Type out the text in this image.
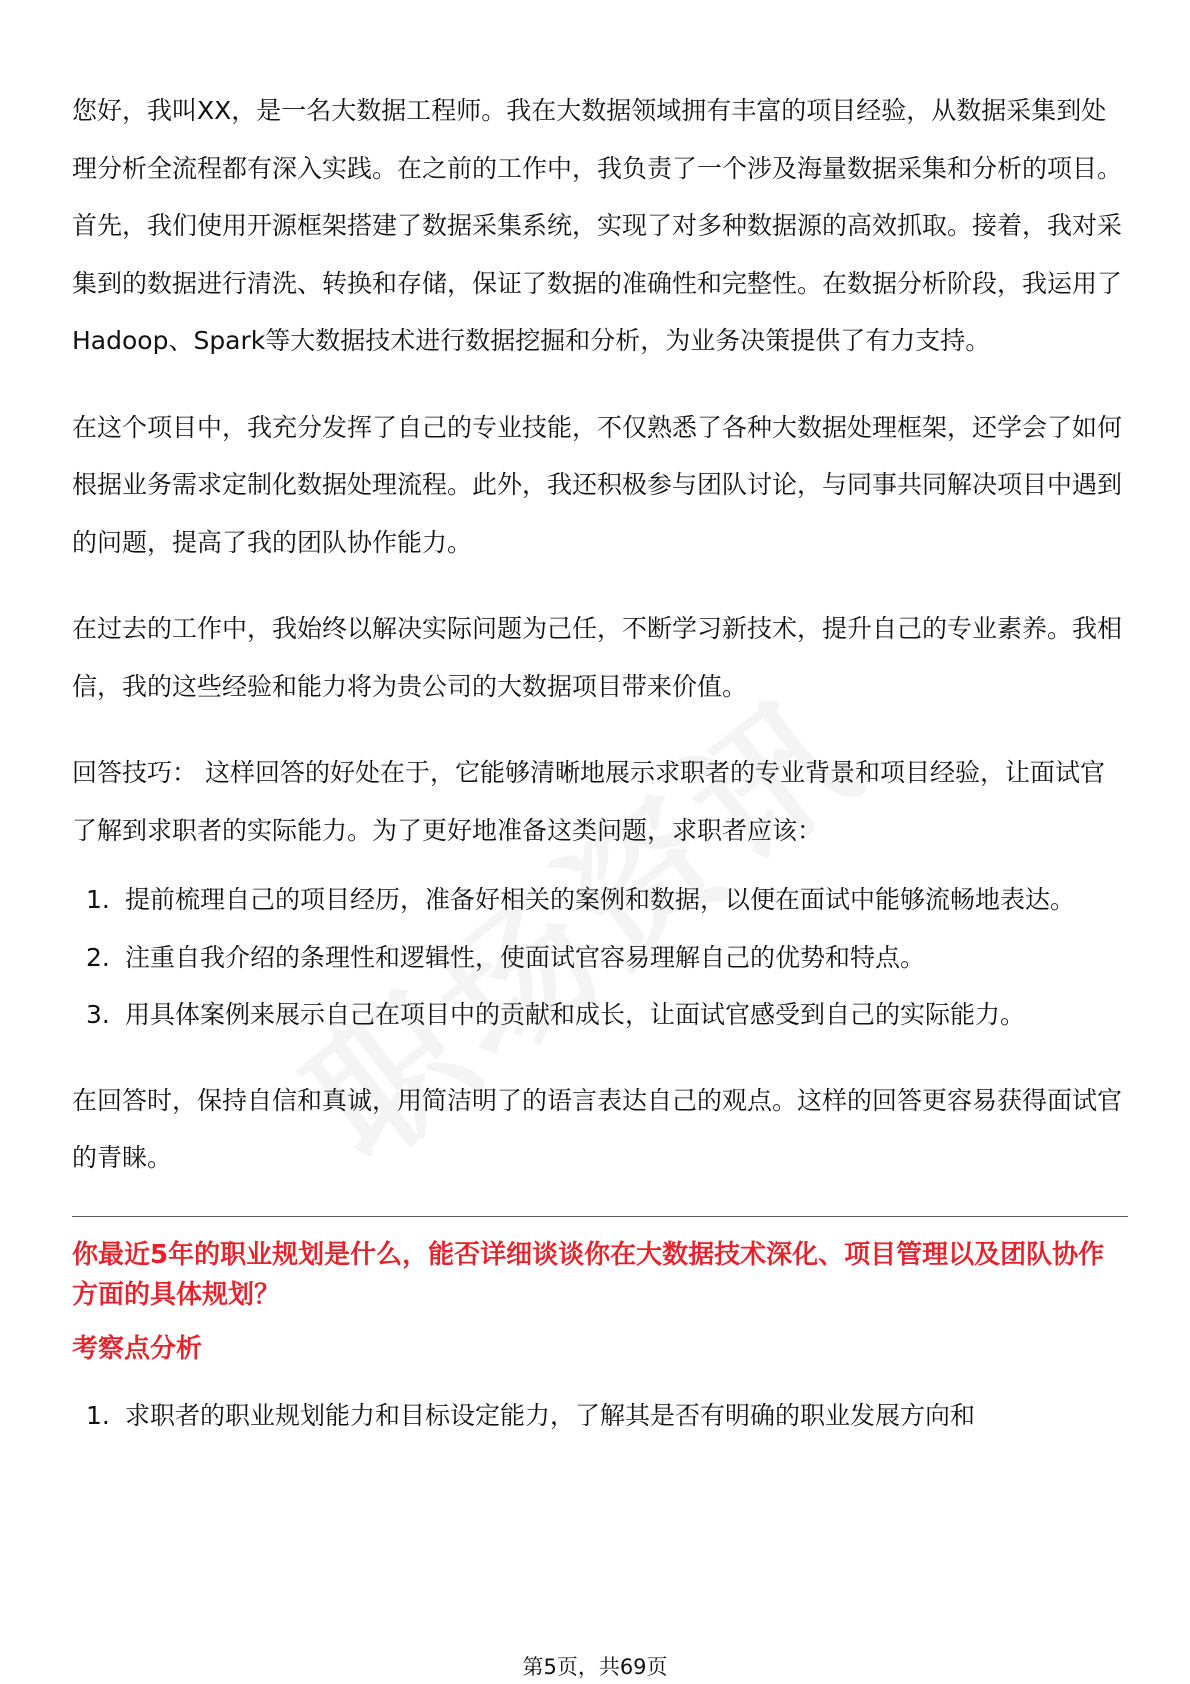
您好，我叫XX，是一名大数据工程师。我在大数据领域拥有丰富的项目经验，从数据采集到处理分析全流程都有深入实践。在之前的工作中，我负责了一个涉及海量数据采集和分析的项目。首先，我们使用开源框架搭建了数据采集系统，实现了对多种数据源的高效抓取。接着，我对采集到的数据进行清洗、转换和存储，保证了数据的准确性和完整性。在数据分析阶段，我运用了Hadoop、Spark等大数据技术进行数据挖掘和分析，为业务决策提供了有力支持。

在这个项目中，我充分发挥了自己的专业技能，不仅熟悉了各种大数据处理框架，还学会了如何根据业务需求定制化数据处理流程。此外，我还积极参与团队讨论，与同事共同解决项目中遇到的问题，提高了我的团队协作能力。

在过去的工作中，我始终以解决实际问题为己任，不断学习新技术，提升自己的专业素养。我相信，我的这些经验和能力将为贵公司的大数据项目带来价值。

回答技巧： 这样回答的好处在于，它能够清晰地展示求职者的专业背景和项目经验，让面试官了解到求职者的实际能力。为了更好地准备这类问题，求职者应该：

1. 提前梳理自己的项目经历，准备好相关的案例和数据，以便在面试中能够流畅地表达。
2. 注重自我介绍的条理性和逻辑性，使面试官容易理解自己的优势和特点。
3. 用具体案例来展示自己在项目中的贡献和成长，让面试官感受到自己的实际能力。

在回答时，保持自信和真诚，用简洁明了的语言表达自己的观点。这样的回答更容易获得面试官的青睐。

你最近5年的职业规划是什么，能否详细谈谈你在大数据技术深化、项目管理以及团队协作方面的具体规划？
考察点分析
1. 求职者的职业规划能力和目标设定能力，了解其是否有明确的职业发展方向和
第5页，共69页
